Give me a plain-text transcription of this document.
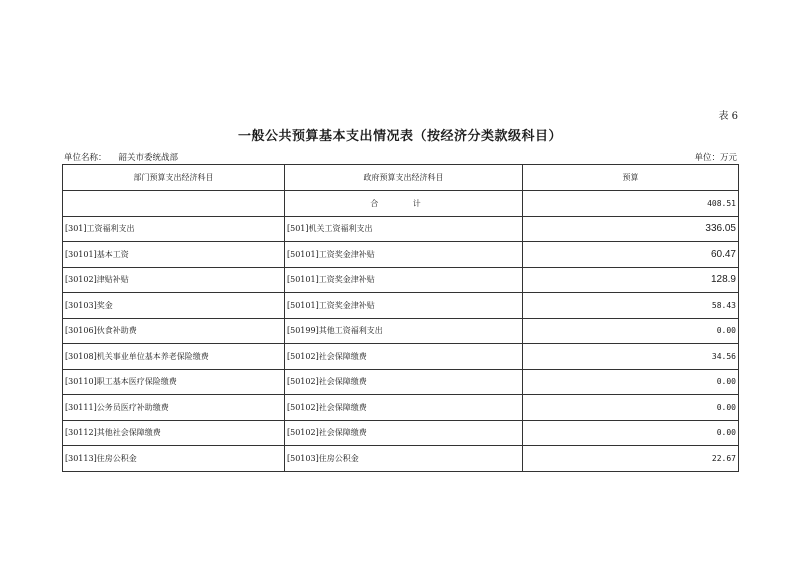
表 6
一般公共预算基本支出情况表（按经济分类款级科目）
单位名称： 韶关市委统战部	单位：万元
部门预算支出经济科目	政府预算支出经济科目	预算
	合 计	408.51
[301]工资福利支出	[501]机关工资福利支出	336.05
[30101]基本工资	[50101]工资奖金津补贴	60.47
[30102]津贴补贴	[50101]工资奖金津补贴	128.9
[30103]奖金	[50101]工资奖金津补贴	58.43
[30106]伙食补助费	[50199]其他工资福利支出	0.00
[30108]机关事业单位基本养老保险缴费	[50102]社会保障缴费	34.56
[30110]职工基本医疗保险缴费	[50102]社会保障缴费	0.00
[30111]公务员医疗补助缴费	[50102]社会保障缴费	0.00
[30112]其他社会保障缴费	[50102]社会保障缴费	0.00
[30113]住房公积金	[50103]住房公积金	22.67
